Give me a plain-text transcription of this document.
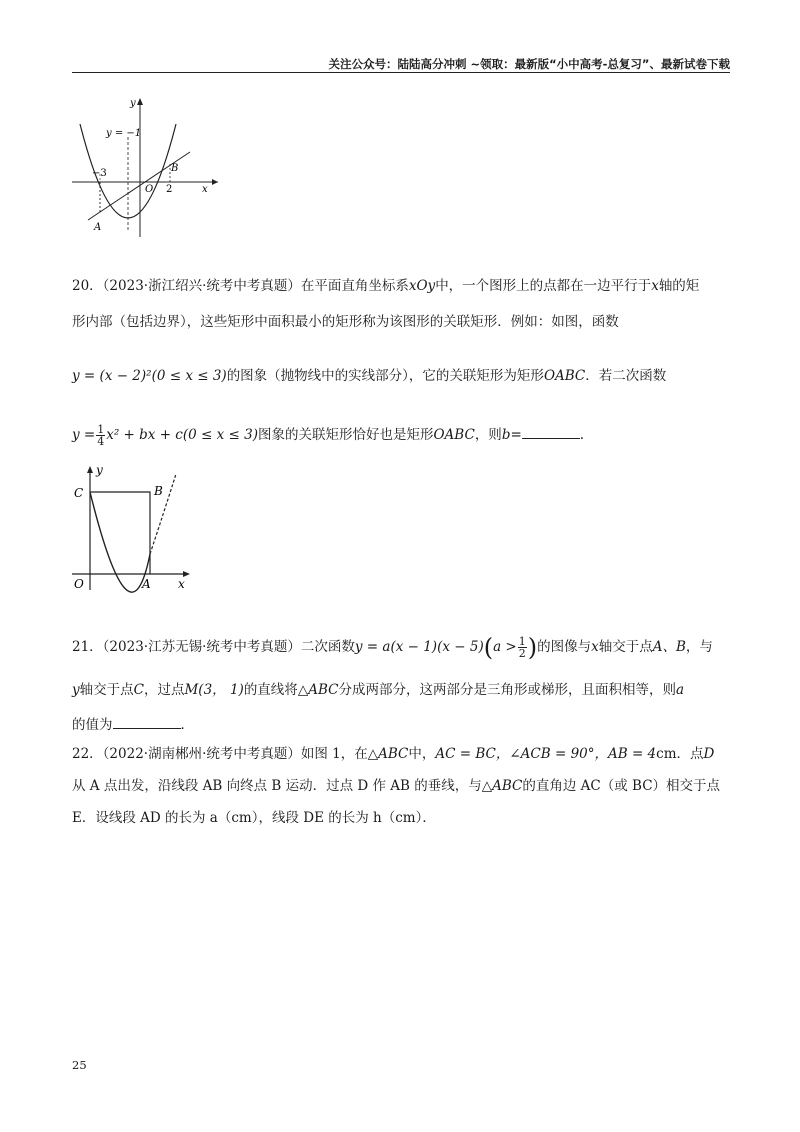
关注公众号：陆陆高分冲刺 ~领取：最新版“小中高考-总复习”、最新试卷下载
y
x
y = −1
−3
O 2
A
B
20．（2023·浙江绍兴·统考中考真题）在平面直角坐标系xOy中，一个图形上的点都在一边平行于x轴的矩
形内部（包括边界），这些矩形中面积最小的矩形称为该图形的关联矩形．例如：如图，函数
y = (x − 2)²(0 ≤ x ≤ 3)的图象（抛物线中的实线部分），它的关联矩形为矩形OABC．若二次函数
$y = \frac{1}{4} x^2$ + bx + c(0 ≤ x ≤ 3)图象的关联矩形恰好也是矩形OABC，则b=	.
y
x
C	B
O	A
21．（2023·江苏无锡·统考中考真题）二次函数$y = a(x - 1)(x - 5)(a > \frac{1}{2}$ )的图像与x轴交于点A、B，与
y轴交于点C，过点M(3， 1)的直线将△ABC分成两部分，这两部分是三角形或梯形，且面积相等，则a
的值为	．
22．（2022·湖南郴州·统考中考真题）如图 1，在△ABC中，AC = BC，∠ACB = 90°，AB = 4cm．点D
从 A 点出发，沿线段 AB 向终点 B 运动．过点 D 作 AB 的垂线，与△ABC的直角边 AC（或 BC）相交于点
E．设线段 AD 的长为 a（cm），线段 DE 的长为 h（cm）．
25
